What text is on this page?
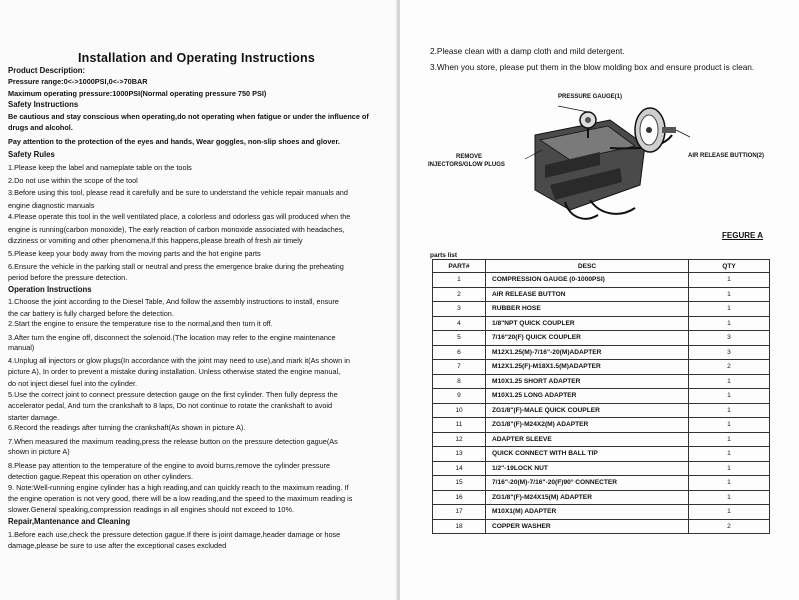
Installation and Operating Instructions
Product Description:
Pressure range:0<->1000PSI,0<->70BAR
Maximum operating pressure:1000PSI(Normal operating pressure 750 PSI)
Safety Instructions
Be cautious and stay conscious when operating,do not operating when fatigue or under the influence of
drugs and alcohol.
Pay attention to the protection of the eyes and hands, Wear goggles, non-slip shoes and glover.
Safety Rules
1.Please keep the label and nameplate table on the tools
2.Do not use within the scope of the tool
3.Before using this tool, please read it carefully and be sure to understand the vehicle repair manuals and
engine diagnostic manuals
4.Please operate this tool in the well ventilated place, a colorless and odorless gas will produced when the
engine is running(carbon monoxide), The early reaction of carbon monoxide associated with headaches,
dizziness or vomiting and other phenomena,If this happens,please breath of fresh air timely
5.Please keep your body away from the moving parts and the hot engine parts
6.Ensure the vehicle in the parking stall or neutral and press the emergence brake during the preheating
period before the pressure detection.
Operation Instructions
1.Choose the joint according to the Diesel Table, And follow the assembly instructions to install, ensure
the car battery is fully charged before the detection.
2.Start the engine to ensure the temperature rise to the normal,and then turn it off.
3.After turn the engine off, disconnect the solenoid.(The location may refer to the engine maintenance
manual)
4.Unplug all injectors or glow plugs(In accordance with the joint may need to use),and mark it(As shown in
picture A), In order to prevent a mistake during installation. Unless otherwise stated the engine manual,
do not inject diesel fuel into the cylinder.
5.Use the correct joint to connect pressure detection gauge on the first cylinder. Then fully depress the
accelerator pedal, And turn the crankshaft to 8 laps, Do not continue to rotate the crankshaft to avoid
starter damage.
6.Record the readings after turning the crankshaft(As shown in picture A).
7.When measured the maximum reading,press the release button on the pressure detection gague(As
shown in picture A)
8.Please pay attention to the temperature of the engine to avoid burns,remove the cylinder pressure
detection gague.Repeat this operation on other cylinders.
9. Note:Well-running engine cylinder has a high reading,and can quickly reach to the maximum reading. If
the engine operation is not very good, there will be a low reading,and the speed to the maximum reading is
slower.General speaking,compression readings in all engines should not exceed to 10%.
Repair,Mantenance and Cleaning
1.Before each use,check the pressure detection gague.If there is joint damage,header damage or hose
damage,please be sure to use after the exceptional cases excluded
2.Please clean with a damp cloth and mild detergent.
3.When you store, please put them in the blow molding box and ensure product is clean.
PRESSURE GAUGE(1)
REMOVE
INJECTORS/GLOW PLUGS
AIR RELEASE BUTTION(2)
FEGURE A
parts list
PART#	DESC	QTY
1	COMPRESSION GAUGE (0-1000PSI)	1
2	AIR RELEASE BUTTON	1
3	RUBBER HOSE	1
4	1/8"NPT QUICK COUPLER	1
5	7/16"20(F) QUICK COUPLER	3
6	M12X1.25(M)-7/16"-20(M)ADAPTER	3
7	M12X1.25(F)-M18X1.5(M)ADAPTER	2
8	M10X1.25 SHORT ADAPTER	1
9	M10X1.25 LONG ADAPTER	1
10	ZG1/8"(F)-MALE QUICK COUPLER	1
11	ZG1/8"(F)-M24X2(M) ADAPTER	1
12	ADAPTER SLEEVE	1
13	QUICK CONNECT WITH BALL TIP	1
14	1/2"-19LOCK NUT	1
15	7/16"-20(M)-7/16"-20(F)90° CONNECTER	1
16	ZG1/8"(F)-M24X15(M) ADAPTER	1
17	M10X1(M) ADAPTER	1
18	COPPER WASHER	2
